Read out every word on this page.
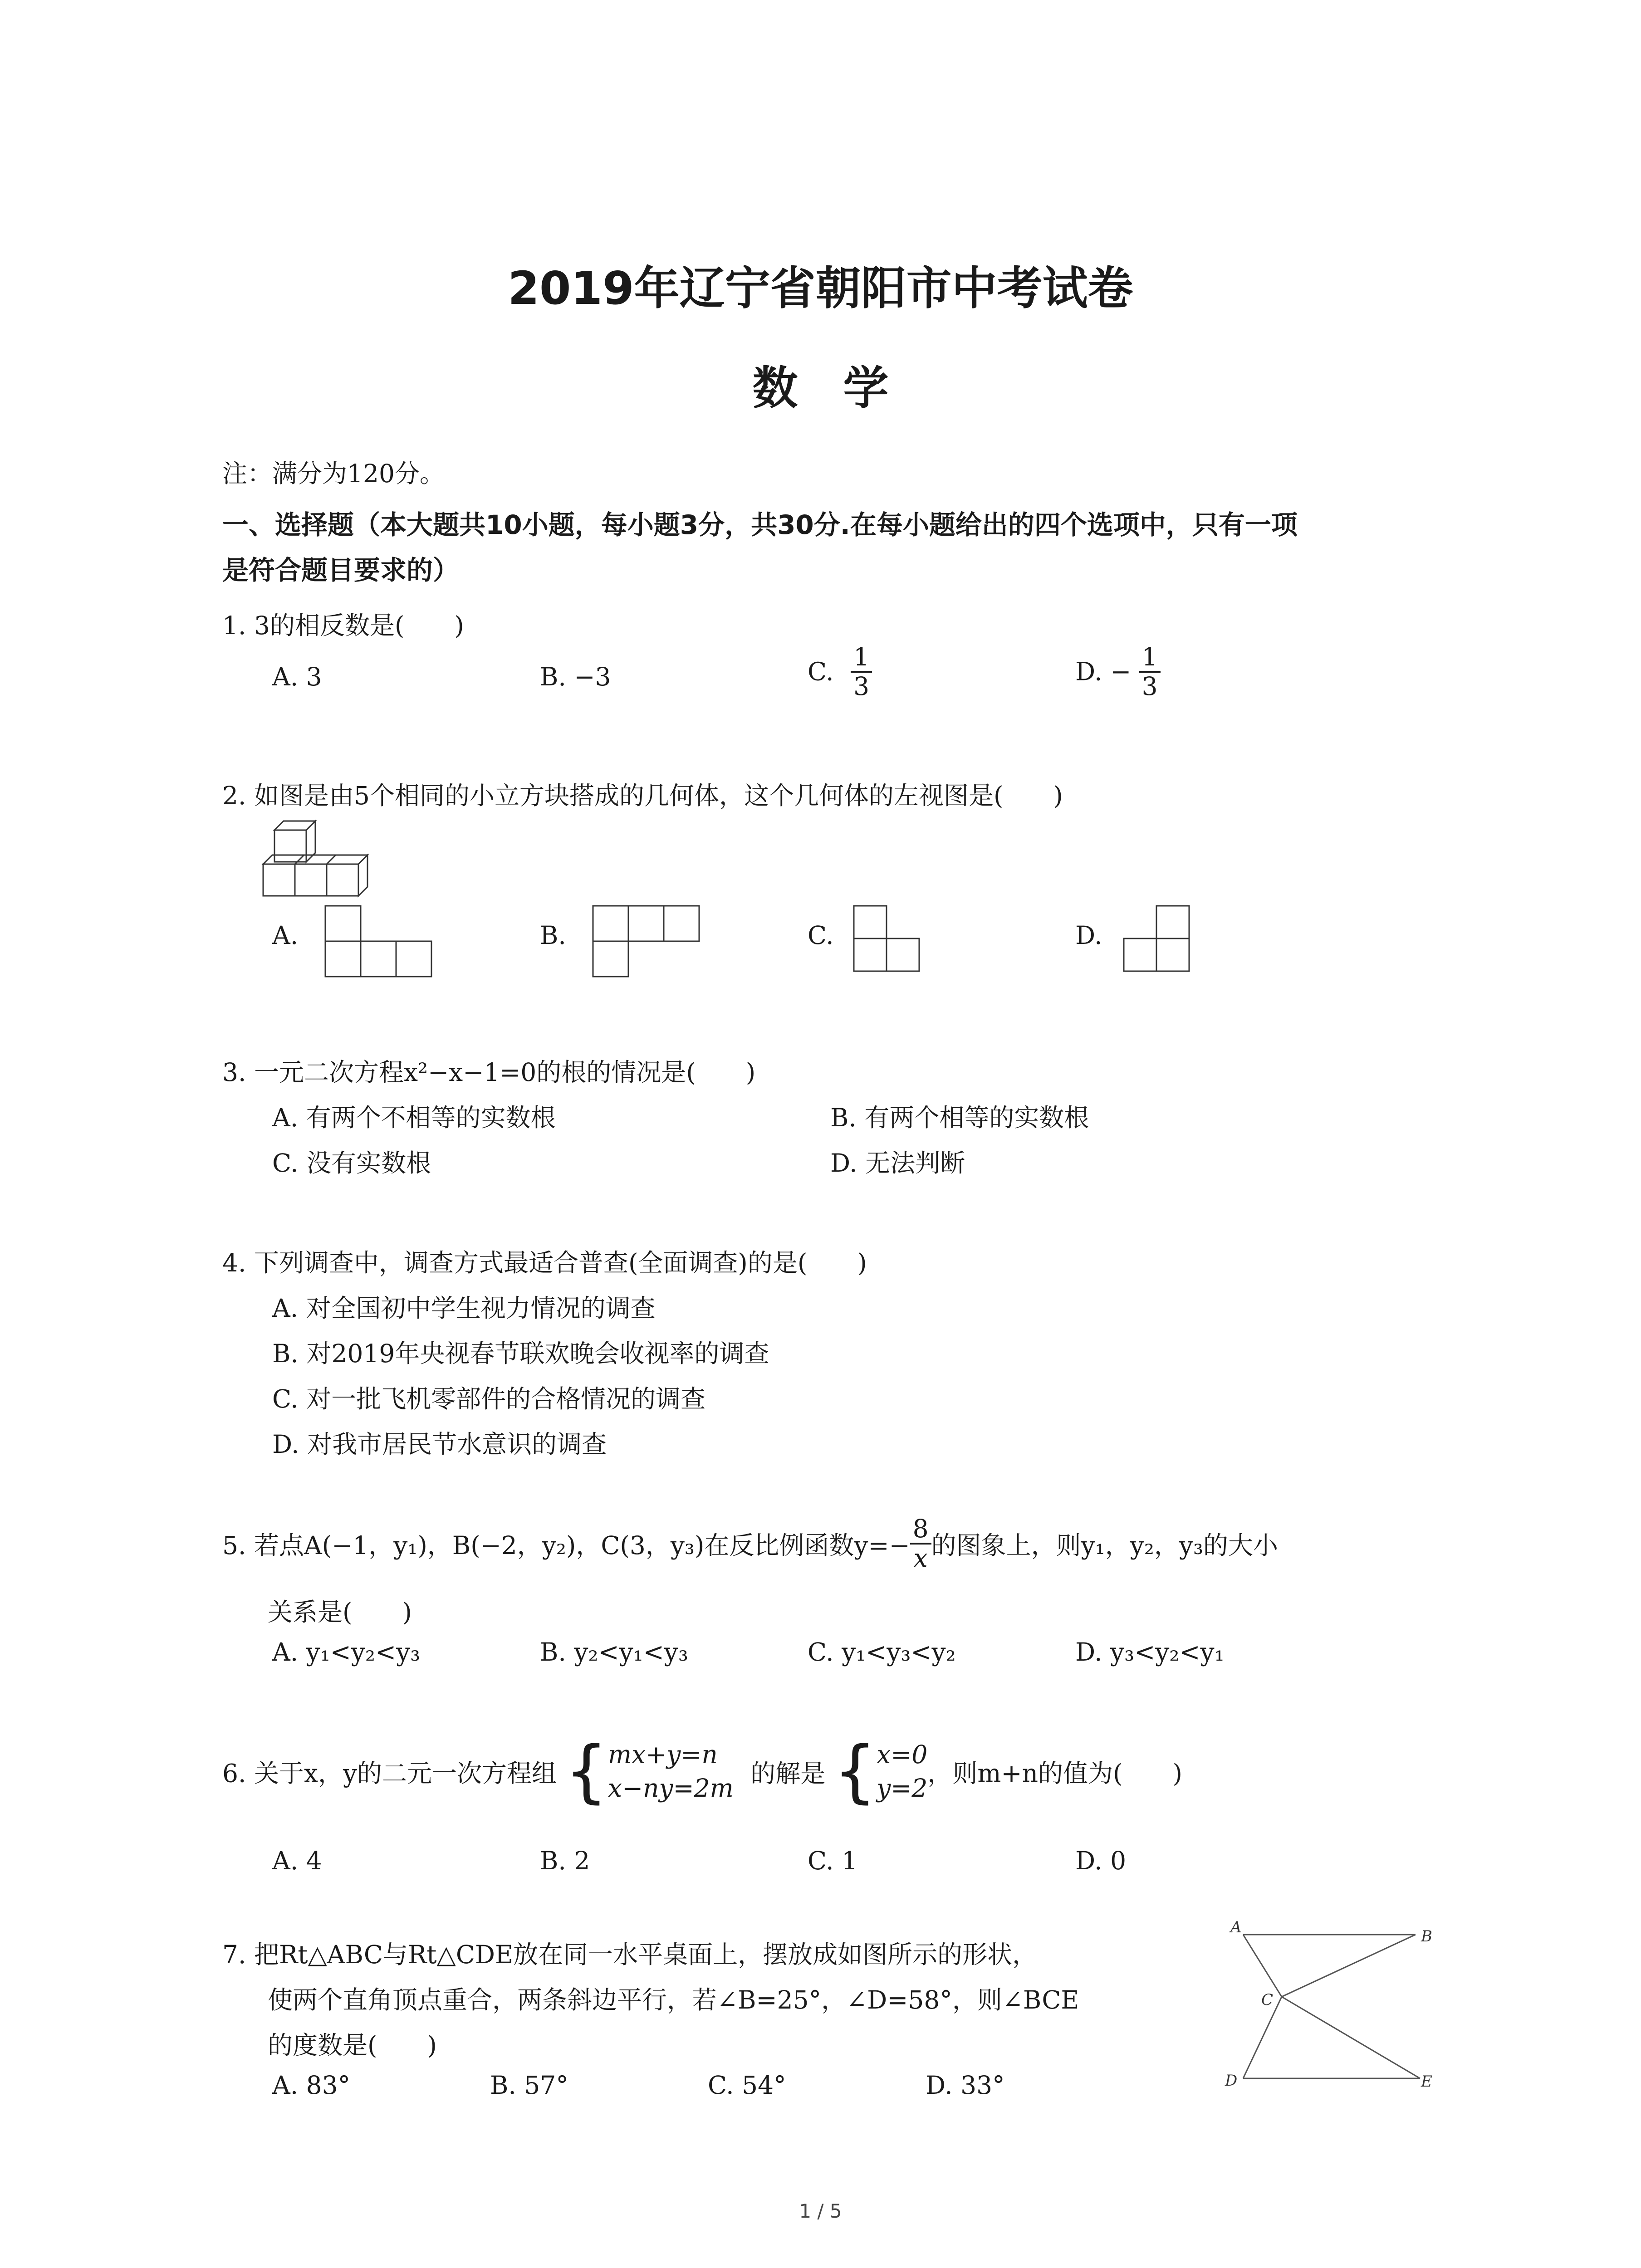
2019年辽宁省朝阳市中考试卷
数学
注：满分为120分。
一、选择题（本大题共10小题，每小题3分，共30分.在每小题给出的四个选项中，只有一项
是符合题目要求的）
1. 3的相反数是(　　)
A. 3	B. −3	C. $\frac{1}{3}$	D. − $\frac{1}{3}$
2. 如图是由5个相同的小立方块搭成的几何体，这个几何体的左视图是(　　)
A.	B.	C.	D.
3. 一元二次方程x²−x−1=0的根的情况是(　　)
A. 有两个不相等的实数根	B. 有两个相等的实数根
C. 没有实数根	D. 无法判断
4. 下列调查中，调查方式最适合普查(全面调查)的是(　　)
A. 对全国初中学生视力情况的调查
B. 对2019年央视春节联欢晚会收视率的调查
C. 对一批飞机零部件的合格情况的调查
D. 对我市居民节水意识的调查
5. 若点A(−1，y₁)，B(−2，y₂)，C(3，y₃)在反比例函数$y=- \frac{8}{x}$ 的图象上，则y₁，y₂，y₃的大小
关系是(　　)
A. y₁<y₂<y₃	B. y₂<y₁<y₃	C. y₁<y₃<y₂	D. y₃<y₂<y₁
6. 关于x，y的二元一次方程组 { mx+y=n
x−ny=2m
的解是 { x=0
y=2
，则m+n的值为(　　)
A. 4	B. 2	C. 1	D. 0
7. 把Rt△ABC与Rt△CDE放在同一水平桌面上，摆放成如图所示的形状，
使两个直角顶点重合，两条斜边平行，若∠B=25°，∠D=58°，则∠BCE
的度数是(　　)
A. 83°	B. 57°	C. 54°	D. 33°
A	B
C
D	E
1 / 5
